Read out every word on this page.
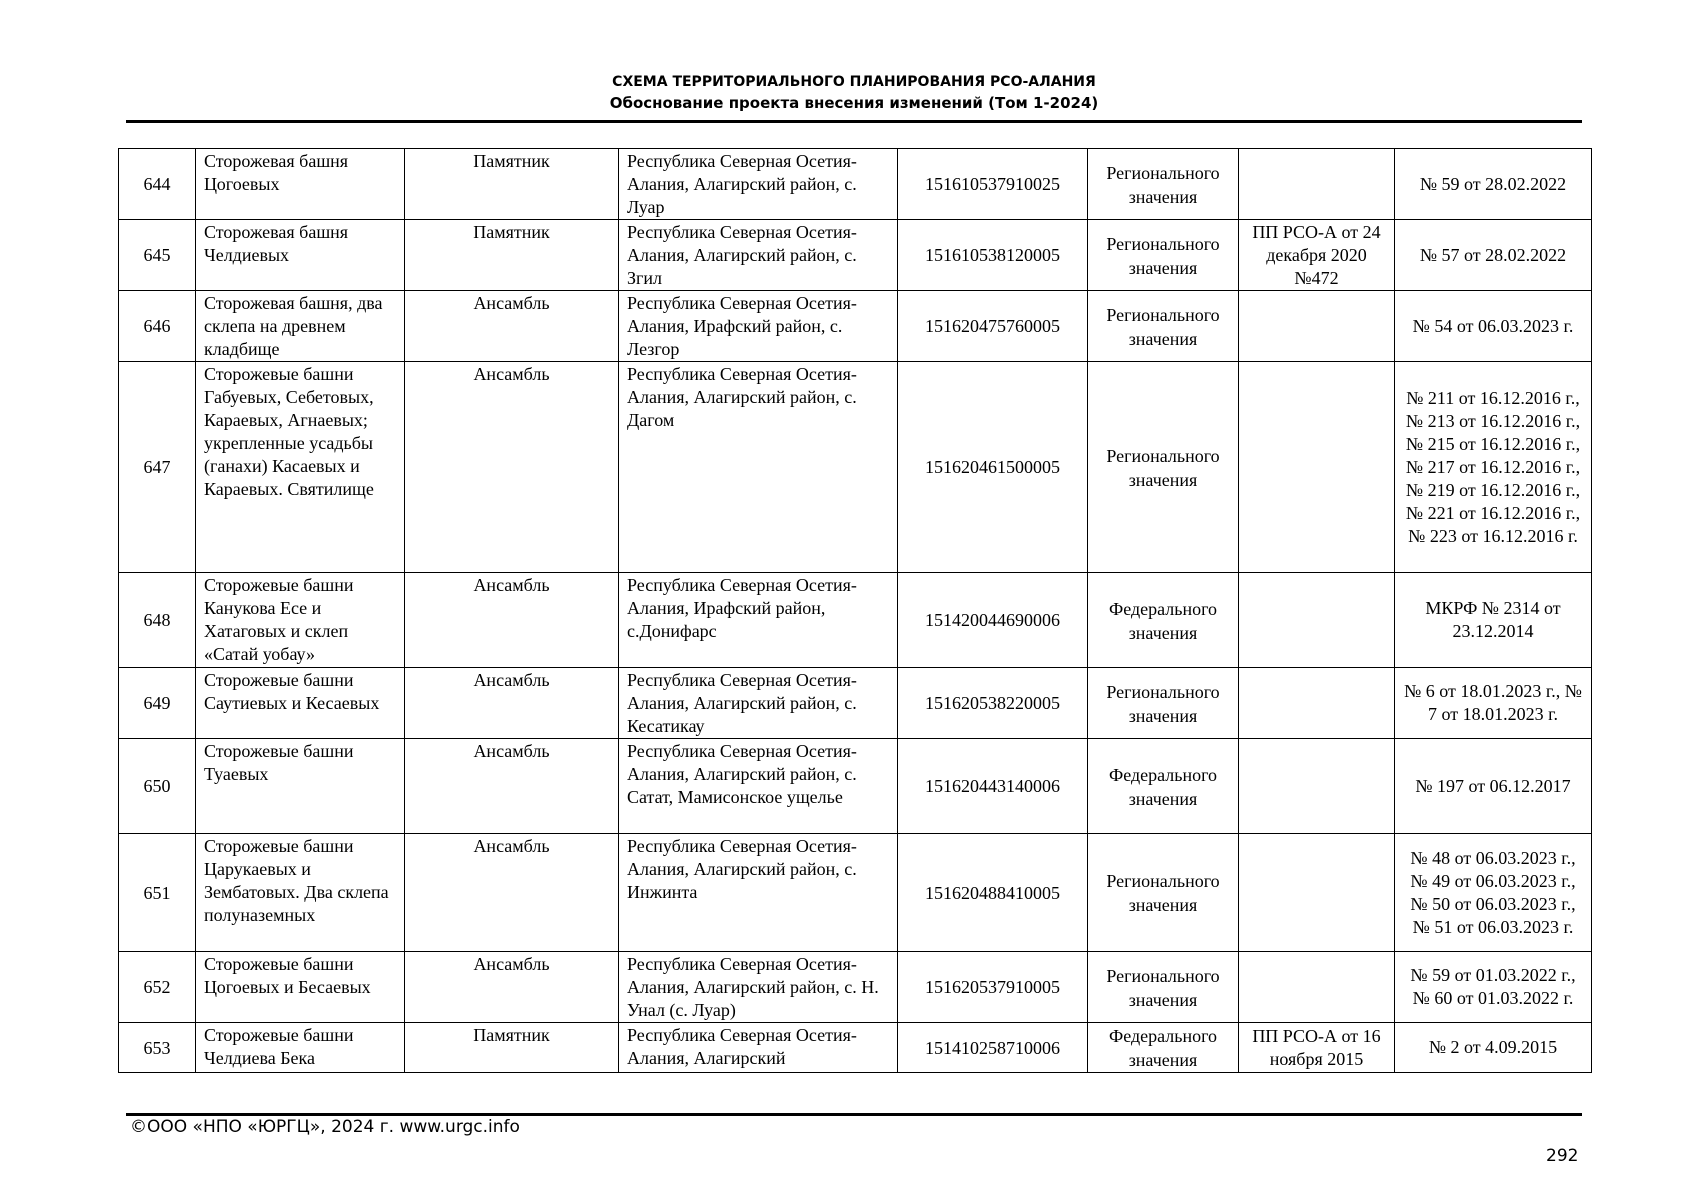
СХЕМА ТЕРРИТОРИАЛЬНОГО ПЛАНИРОВАНИЯ РСО-АЛАНИЯ
Обоснование проекта внесения изменений (Том 1-2024)
644	Сторожевая башня Цогоевых	Памятник	Республика Северная Осетия-Алания, Алагирский район, с. Луар	151610537910025	Регионального значения		№ 59 от 28.02.2022
645	Сторожевая башня Челдиевых	Памятник	Республика Северная Осетия-Алания, Алагирский район, с. Згил	151610538120005	Регионального значения	ПП РСО-А от 24 декабря 2020 №472	№ 57 от 28.02.2022
646	Сторожевая башня, два склепа на древнем кладбище	Ансамбль	Республика Северная Осетия-Алания, Ирафский район, с. Лезгор	151620475760005	Регионального значения		№ 54 от 06.03.2023 г.
647	Сторожевые башни Габуевых, Себетовых, Караевых, Агнаевых; укрепленные усадьбы (ганахи) Касаевых и Караевых. Святилище	Ансамбль	Республика Северная Осетия-Алания, Алагирский район, с. Дагом	151620461500005	Регионального значения		№ 211 от 16.12.2016 г., № 213 от 16.12.2016 г., № 215 от 16.12.2016 г., № 217 от 16.12.2016 г., № 219 от 16.12.2016 г., № 221 от 16.12.2016 г., № 223 от 16.12.2016 г.
648	Сторожевые башни Канукова Есе и Хатаговых и склеп «Сатай уобау»	Ансамбль	Республика Северная Осетия-Алания, Ирафский район, с.Донифарс	151420044690006	Федерального значения		МКРФ № 2314 от 23.12.2014
649	Сторожевые башни Саутиевых и Кесаевых	Ансамбль	Республика Северная Осетия-Алания, Алагирский район, с. Кесатикау	151620538220005	Регионального значения		№ 6 от 18.01.2023 г., № 7 от 18.01.2023 г.
650	Сторожевые башни Туаевых	Ансамбль	Республика Северная Осетия-Алания, Алагирский район, с. Сатат, Мамисонское ущелье	151620443140006	Федерального значения		№ 197 от 06.12.2017
651	Сторожевые башни Царукаевых и Зембатовых. Два склепа полуназемных	Ансамбль	Республика Северная Осетия-Алания, Алагирский район, с. Инжинта	151620488410005	Регионального значения		№ 48 от 06.03.2023 г., № 49 от 06.03.2023 г., № 50 от 06.03.2023 г., № 51 от 06.03.2023 г.
652	Сторожевые башни Цогоевых и Бесаевых	Ансамбль	Республика Северная Осетия-Алания, Алагирский район, с. Н. Унал (с. Луар)	151620537910005	Регионального значения		№ 59 от 01.03.2022 г., № 60 от 01.03.2022 г.
653	Сторожевые башни Челдиева Бека	Памятник	Республика Северная Осетия-Алания, Алагирский	151410258710006	Федерального значения	ПП РСО-А от 16 ноября 2015	№ 2 от 4.09.2015
©ООО «НПО «ЮРГЦ», 2024 г. www.urgc.info
292
